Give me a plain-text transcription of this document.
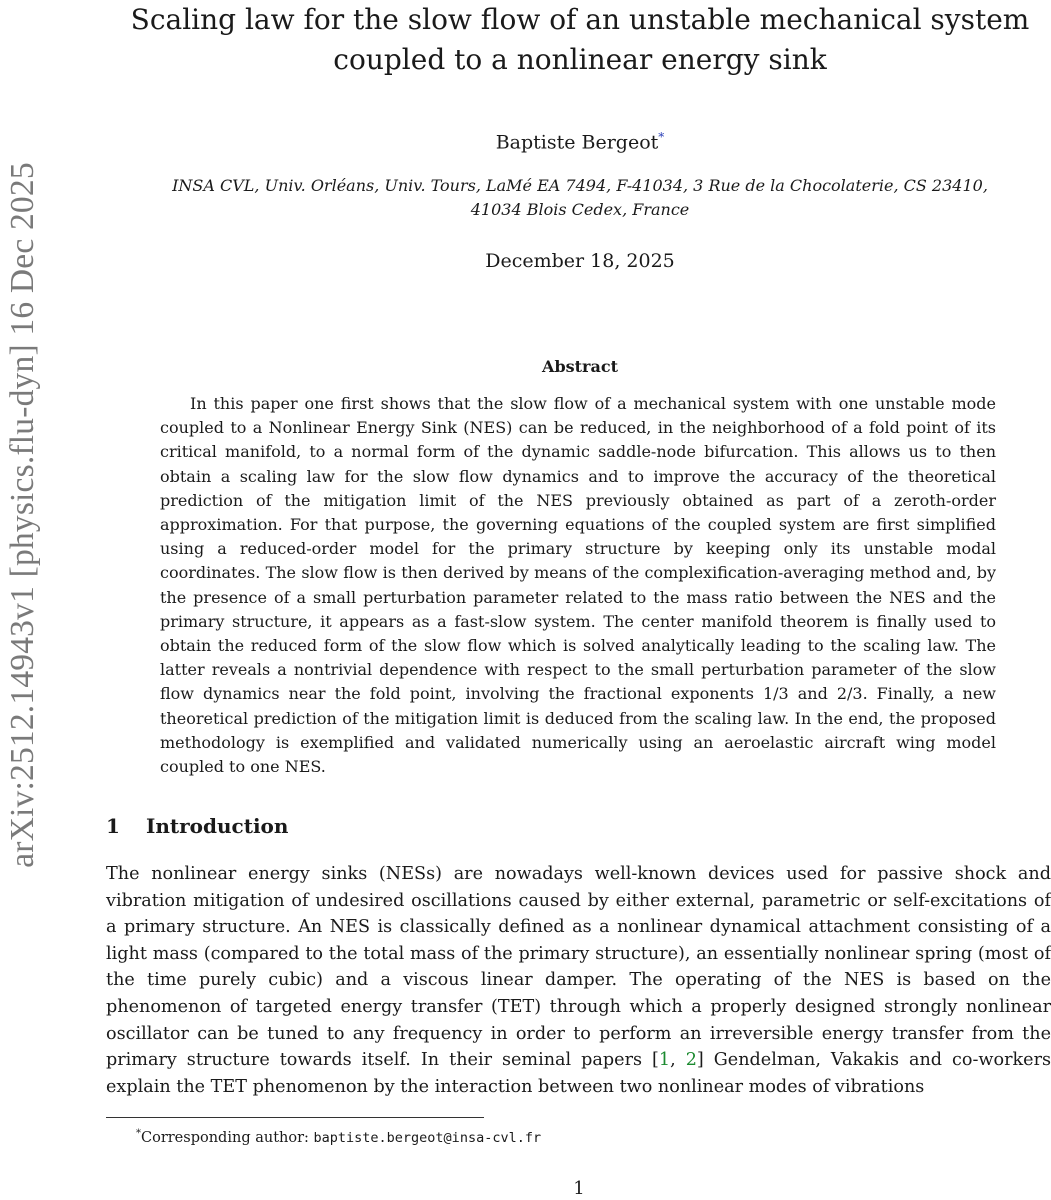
arXiv:2512.14943v1 [physics.flu-dyn] 16 Dec 2025
Scaling law for the slow flow of an unstable mechanical system
coupled to a nonlinear energy sink
Baptiste Bergeot*
INSA CVL, Univ. Orléans, Univ. Tours, LaMé EA 7494, F-41034, 3 Rue de la Chocolaterie, CS 23410,
41034 Blois Cedex, France
December 18, 2025
Abstract

In this paper one first shows that the slow flow of a mechanical system with one unstable mode coupled to a Nonlinear Energy Sink (NES) can be reduced, in the neighborhood of a fold point of its critical manifold, to a normal form of the dynamic saddle-node bifurcation. This allows us to then obtain a scaling law for the slow flow dynamics and to improve the accuracy of the theoretical prediction of the mitigation limit of the NES previously obtained as part of a zeroth-order approximation. For that purpose, the governing equations of the coupled system are first simplified using a reduced-order model for the primary structure by keeping only its unstable modal coordinates. The slow flow is then derived by means of the complexification-averaging method and, by the presence of a small perturbation parameter related to the mass ratio between the NES and the primary structure, it appears as a fast-slow system. The center manifold theorem is finally used to obtain the reduced form of the slow flow which is solved analytically leading to the scaling law. The latter reveals a nontrivial dependence with respect to the small perturbation parameter of the slow flow dynamics near the fold point, involving the fractional exponents 1/3 and 2/3. Finally, a new theoretical prediction of the mitigation limit is deduced from the scaling law. In the end, the proposed methodology is exemplified and validated numerically using an aeroelastic aircraft wing model coupled to one NES.

1 Introduction

The nonlinear energy sinks (NESs) are nowadays well-known devices used for passive shock and vibration mitigation of undesired oscillations caused by either external, parametric or self-excitations of a primary structure. An NES is classically defined as a nonlinear dynamical attachment consisting of a light mass (compared to the total mass of the primary structure), an essentially nonlinear spring (most of the time purely cubic) and a viscous linear damper. The operating of the NES is based on the phenomenon of targeted energy transfer (TET) through which a properly designed strongly nonlinear oscillator can be tuned to any frequency in order to perform an irreversible energy transfer from the primary structure towards itself. In their seminal papers [1, 2] Gendelman, Vakakis and co-workers explain the TET phenomenon by the interaction between two nonlinear modes of vibrations

*Corresponding author: baptiste.bergeot@insa-cvl.fr
1
